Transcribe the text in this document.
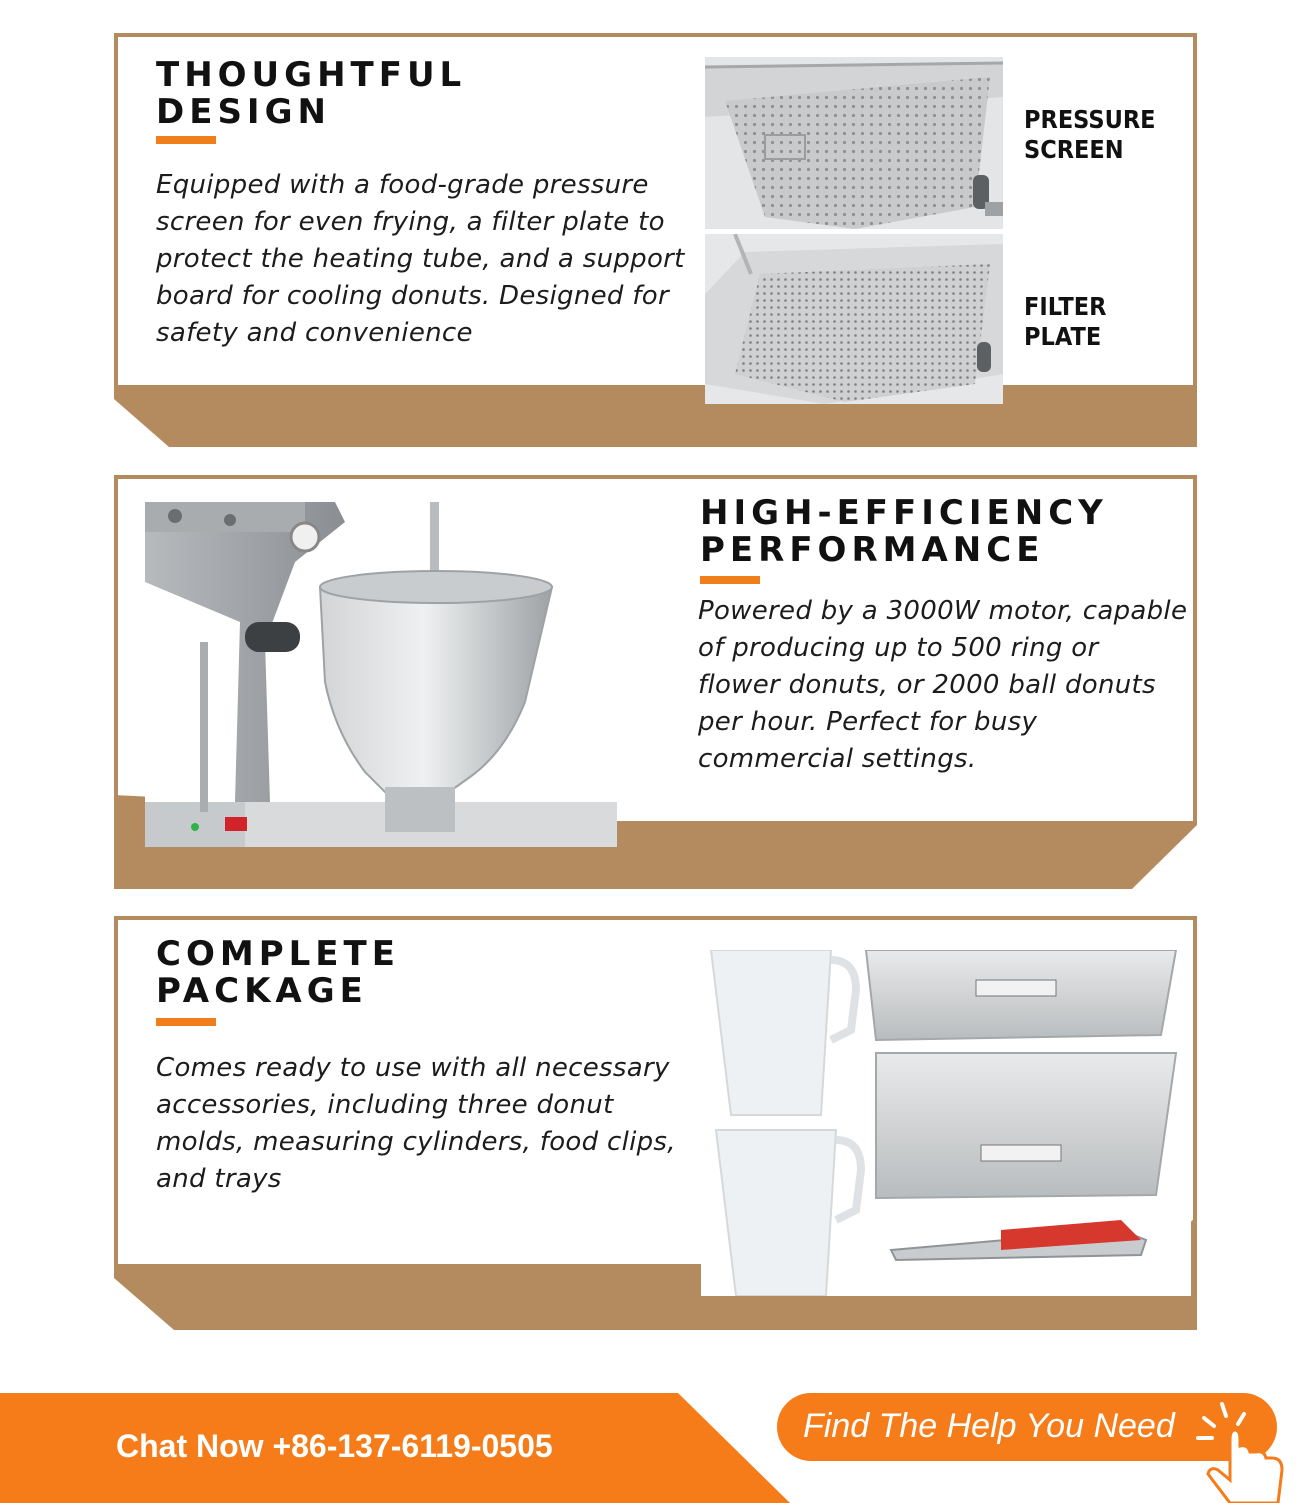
THOUGHTFUL
DESIGN

Equipped with a food-grade pressure screen for even frying, a filter plate to protect the heating tube, and a support board for cooling donuts. Designed for safety and convenience

PRESSURE
SCREEN
FILTER
PLATE
HIGH-EFFICIENCY
PERFORMANCE

Powered by a 3000W motor, capable of producing up to 500 ring or flower donuts, or 2000 ball donuts per hour. Perfect for busy commercial settings.

COMPLETE
PACKAGE

Comes ready to use with all necessary accessories, including three donut molds, measuring cylinders, food clips, and trays

Chat Now +86-137-6119-0505
Find The Help You Need
